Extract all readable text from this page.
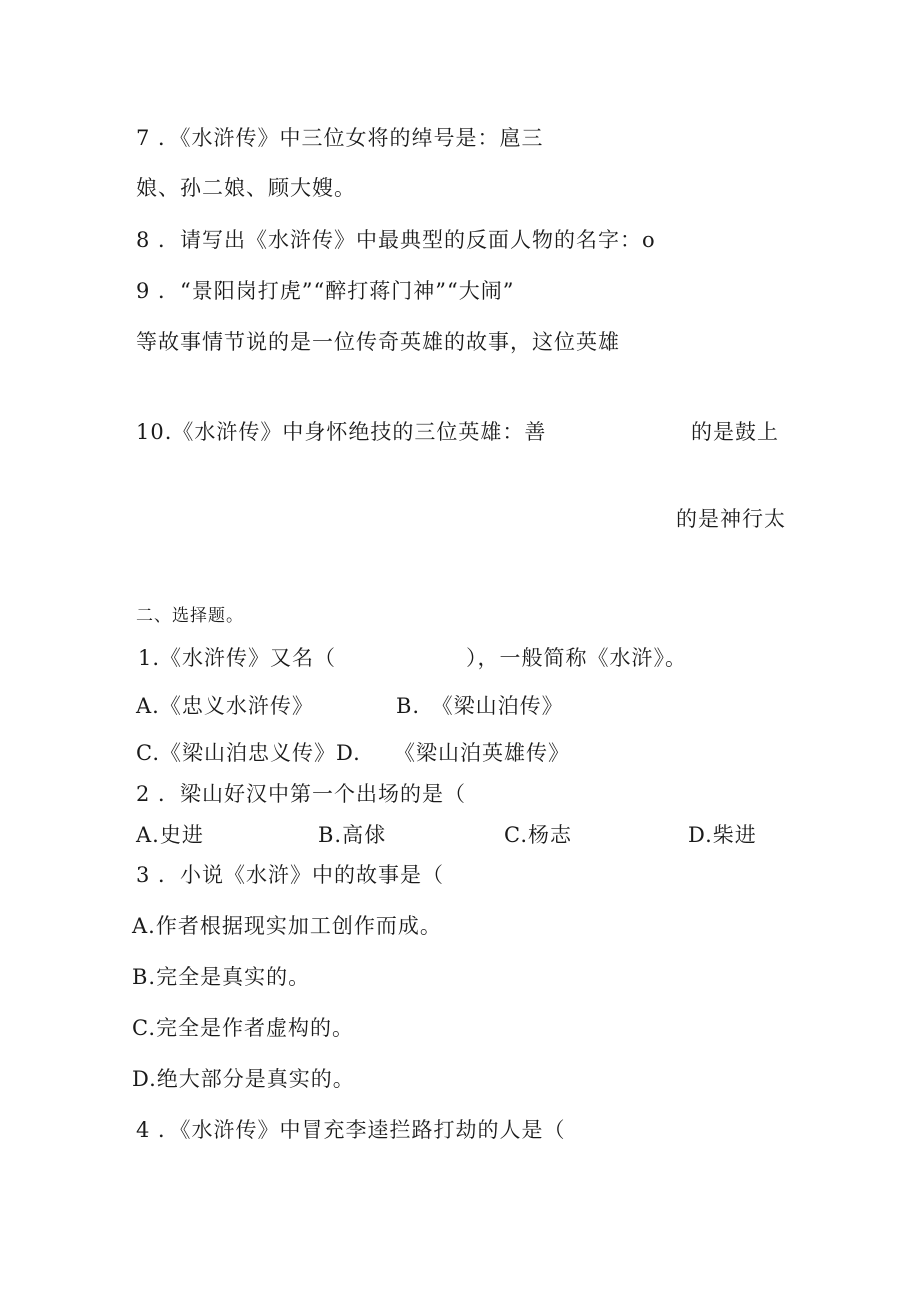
7 ．《水浒传》中三位女将的绰号是：扈三
娘、孙二娘、顾大嫂。
8 ．请写出《水浒传》中最典型的反面人物的名字：o
9 ．“景阳岗打虎”“醉打蒋门神”“大闹”
等故事情节说的是一位传奇英雄的故事，这位英雄
10.《水浒传》中身怀绝技的三位英雄：善	的是鼓上
的是神行太
二、选择题。
1.《水浒传》又名（	），一般简称《水浒》。
A.《忠义水浒传》	B.　《梁山泊传》
C.《梁山泊忠义传》D. 《梁山泊英雄传》
2 ．梁山好汉中第一个出场的是（
A.史进	B.高俅	C.杨志	D.柴进
3 ．小说《水浒》中的故事是（
A.作者根据现实加工创作而成。
B.完全是真实的。
C.完全是作者虚构的。
D.绝大部分是真实的。
4 ．《水浒传》中冒充李逵拦路打劫的人是（
